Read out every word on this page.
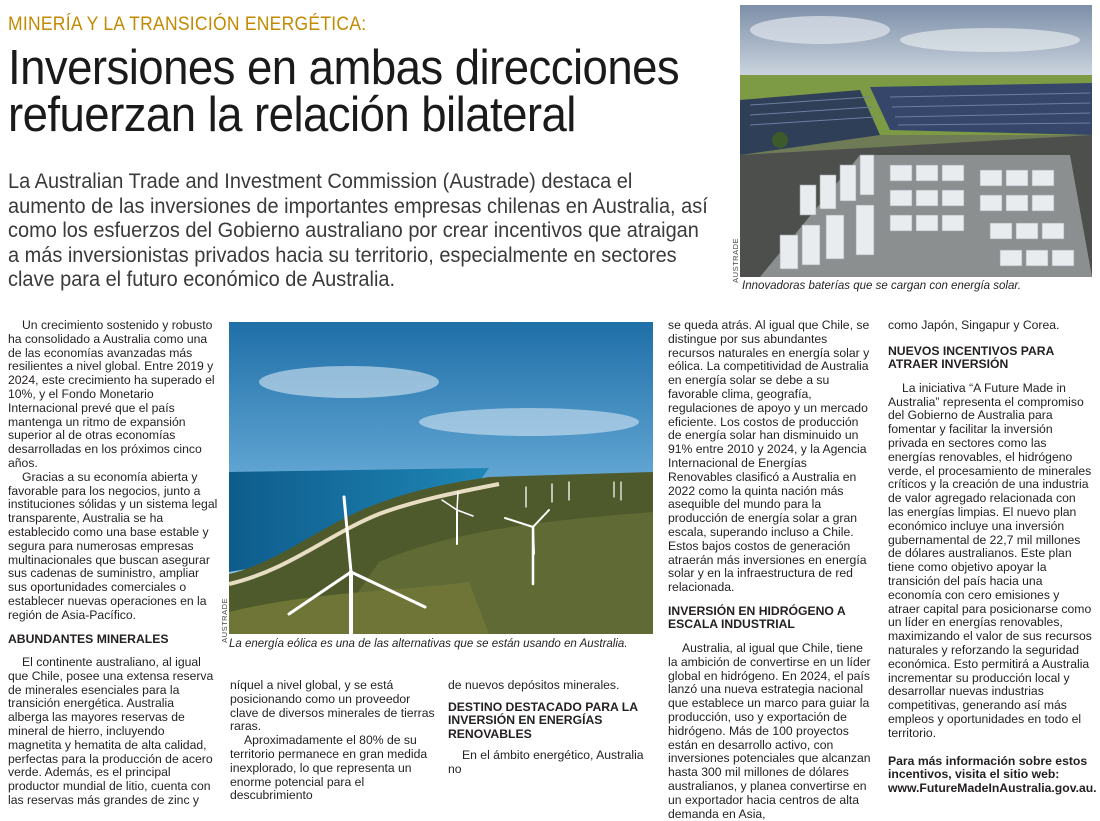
MINERÍA Y LA TRANSICIÓN ENERGÉTICA:
Inversiones en ambas direcciones refuerzan la relación bilateral
La Australian Trade and Investment Commission (Austrade) destaca el aumento de las inversiones de importantes empresas chilenas en Australia, así como los esfuerzos del Gobierno australiano por crear incentivos que atraigan a más inversionistas privados hacia su territorio, especialmente en sectores clave para el futuro económico de Australia.	AUSTRADE
Innovadoras baterías que se cargan con energía solar.
AUSTRADE
La energía eólica es una de las alternativas que se están usando en Australia.

Un crecimiento sostenido y robusto ha consolidado a Australia como una de las economías avanzadas más resilientes a nivel global. Entre 2019 y 2024, este crecimiento ha superado el 10%, y el Fondo Monetario Internacional prevé que el país mantenga un ritmo de expansión superior al de otras economías desarrolladas en los próximos cinco años.

Gracias a su economía abierta y favorable para los negocios, junto a instituciones sólidas y un sistema legal transparente, Australia se ha establecido como una base estable y segura para numerosas empresas multinacionales que buscan asegurar sus cadenas de suministro, ampliar sus oportunidades comerciales o establecer nuevas operaciones en la región de Asia-Pacífico.

ABUNDANTES MINERALES

El continente australiano, al igual que Chile, posee una extensa reserva de minerales esenciales para la transición energética. Australia alberga las mayores reservas de mineral de hierro, incluyendo magnetita y hematita de alta calidad, perfectas para la producción de acero verde. Además, es el principal productor mundial de litio, cuenta con las reservas más grandes de zinc y

níquel a nivel global, y se está posicionando como un proveedor clave de diversos minerales de tierras raras.

Aproximadamente el 80% de su territorio permanece en gran medida inexplorado, lo que representa un enorme potencial para el descubrimiento

de nuevos depósitos minerales.

DESTINO DESTACADO PARA LA INVERSIÓN EN ENERGÍAS RENOVABLES

En el ámbito energético, Australia no

se queda atrás. Al igual que Chile, se distingue por sus abundantes recursos naturales en energía solar y eólica. La competitividad de Australia en energía solar se debe a su favorable clima, geografía, regulaciones de apoyo y un mercado eficiente. Los costos de producción de energía solar han disminuido un 91% entre 2010 y 2024, y la Agencia Internacional de Energías Renovables clasificó a Australia en 2022 como la quinta nación más asequible del mundo para la producción de energía solar a gran escala, superando incluso a Chile. Estos bajos costos de generación atraerán más inversiones en energía solar y en la infraestructura de red relacionada.

INVERSIÓN EN HIDRÓGENO A ESCALA INDUSTRIAL

Australia, al igual que Chile, tiene la ambición de convertirse en un líder global en hidrógeno. En 2024, el país lanzó una nueva estrategia nacional que establece un marco para guiar la producción, uso y exportación de hidrógeno. Más de 100 proyectos están en desarrollo activo, con inversiones potenciales que alcanzan hasta 300 mil millones de dólares australianos, y planea convertirse en un exportador hacia centros de alta demanda en Asia,

como Japón, Singapur y Corea.

NUEVOS INCENTIVOS PARA ATRAER INVERSIÓN

La iniciativa “A Future Made in Australia” representa el compromiso del Gobierno de Australia para fomentar y facilitar la inversión privada en sectores como las energías renovables, el hidrógeno verde, el procesamiento de minerales críticos y la creación de una industria de valor agregado relacionada con las energías limpias. El nuevo plan económico incluye una inversión gubernamental de 22,7 mil millones de dólares australianos. Este plan tiene como objetivo apoyar la transición del país hacia una economía con cero emisiones y atraer capital para posicionarse como un líder en energías renovables, maximizando el valor de sus recursos naturales y reforzando la seguridad económica. Esto permitirá a Australia incrementar su producción local y desarrollar nuevas industrias competitivas, generando así más empleos y oportunidades en todo el territorio.

Para más información sobre estos incentivos, visita el sitio web: www.FutureMadeInAustralia.gov.au.
